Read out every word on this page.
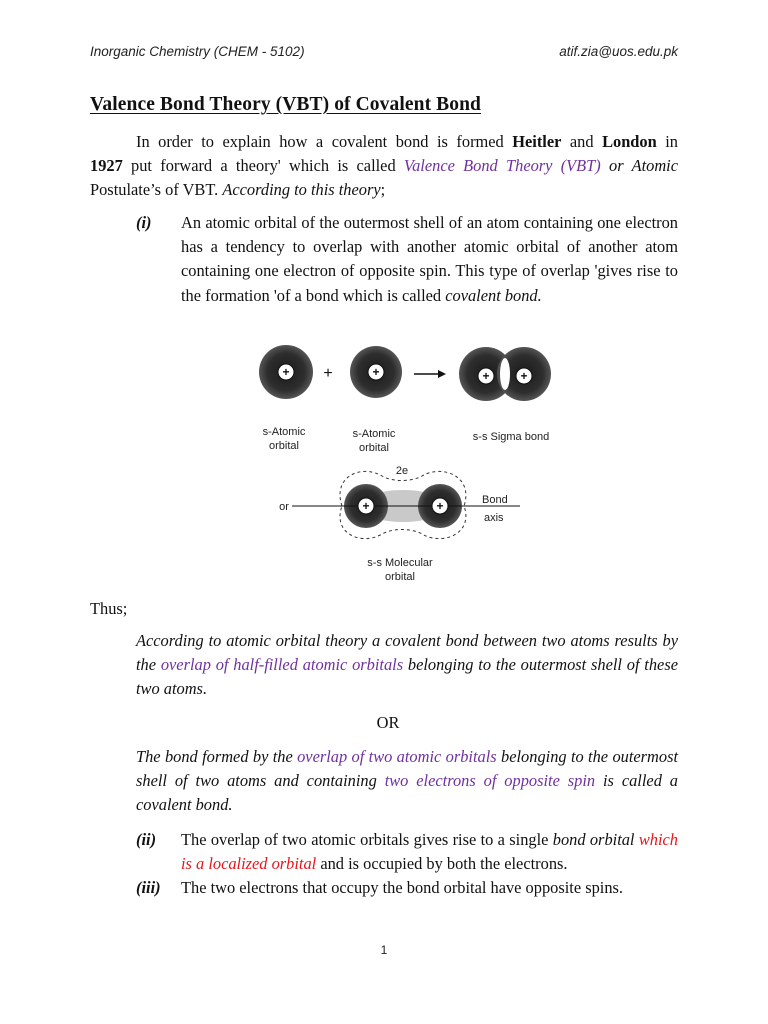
Inorganic Chemistry (CHEM - 5102)	atif.zia@uos.edu.pk
Valence Bond Theory (VBT) of Covalent Bond
In order to explain how a covalent bond is formed Heitler and London in
1927 put forward a theory' which is called Valence Bond Theory (VBT) or Atomic
Postulate’s of VBT. According to this theory;
(i) An atomic orbital of the outermost shell of an atom containing one electron has a tendency to overlap with another atomic orbital of another atom containing one electron of opposite spin. This type of overlap 'gives rise to the formation 'of a bond which is called covalent bond.
+ +	+	+	+
s-Atomic
orbital
s-Atomic
orbital
s-s Sigma bond
+	+
2e
or
Bond
axis
s-s Molecular
orbital
Thus;
According to atomic orbital theory a covalent bond between two atoms results by the overlap of half-filled atomic orbitals belonging to the outermost shell of these two atoms.
OR
The bond formed by the overlap of two atomic orbitals belonging to the outermost shell of two atoms and containing two electrons of opposite spin is called a covalent bond.
(ii) The overlap of two atomic orbitals gives rise to a single bond orbital which is a localized orbital and is occupied by both the electrons.
(iii) The two electrons that occupy the bond orbital have opposite spins.
1
